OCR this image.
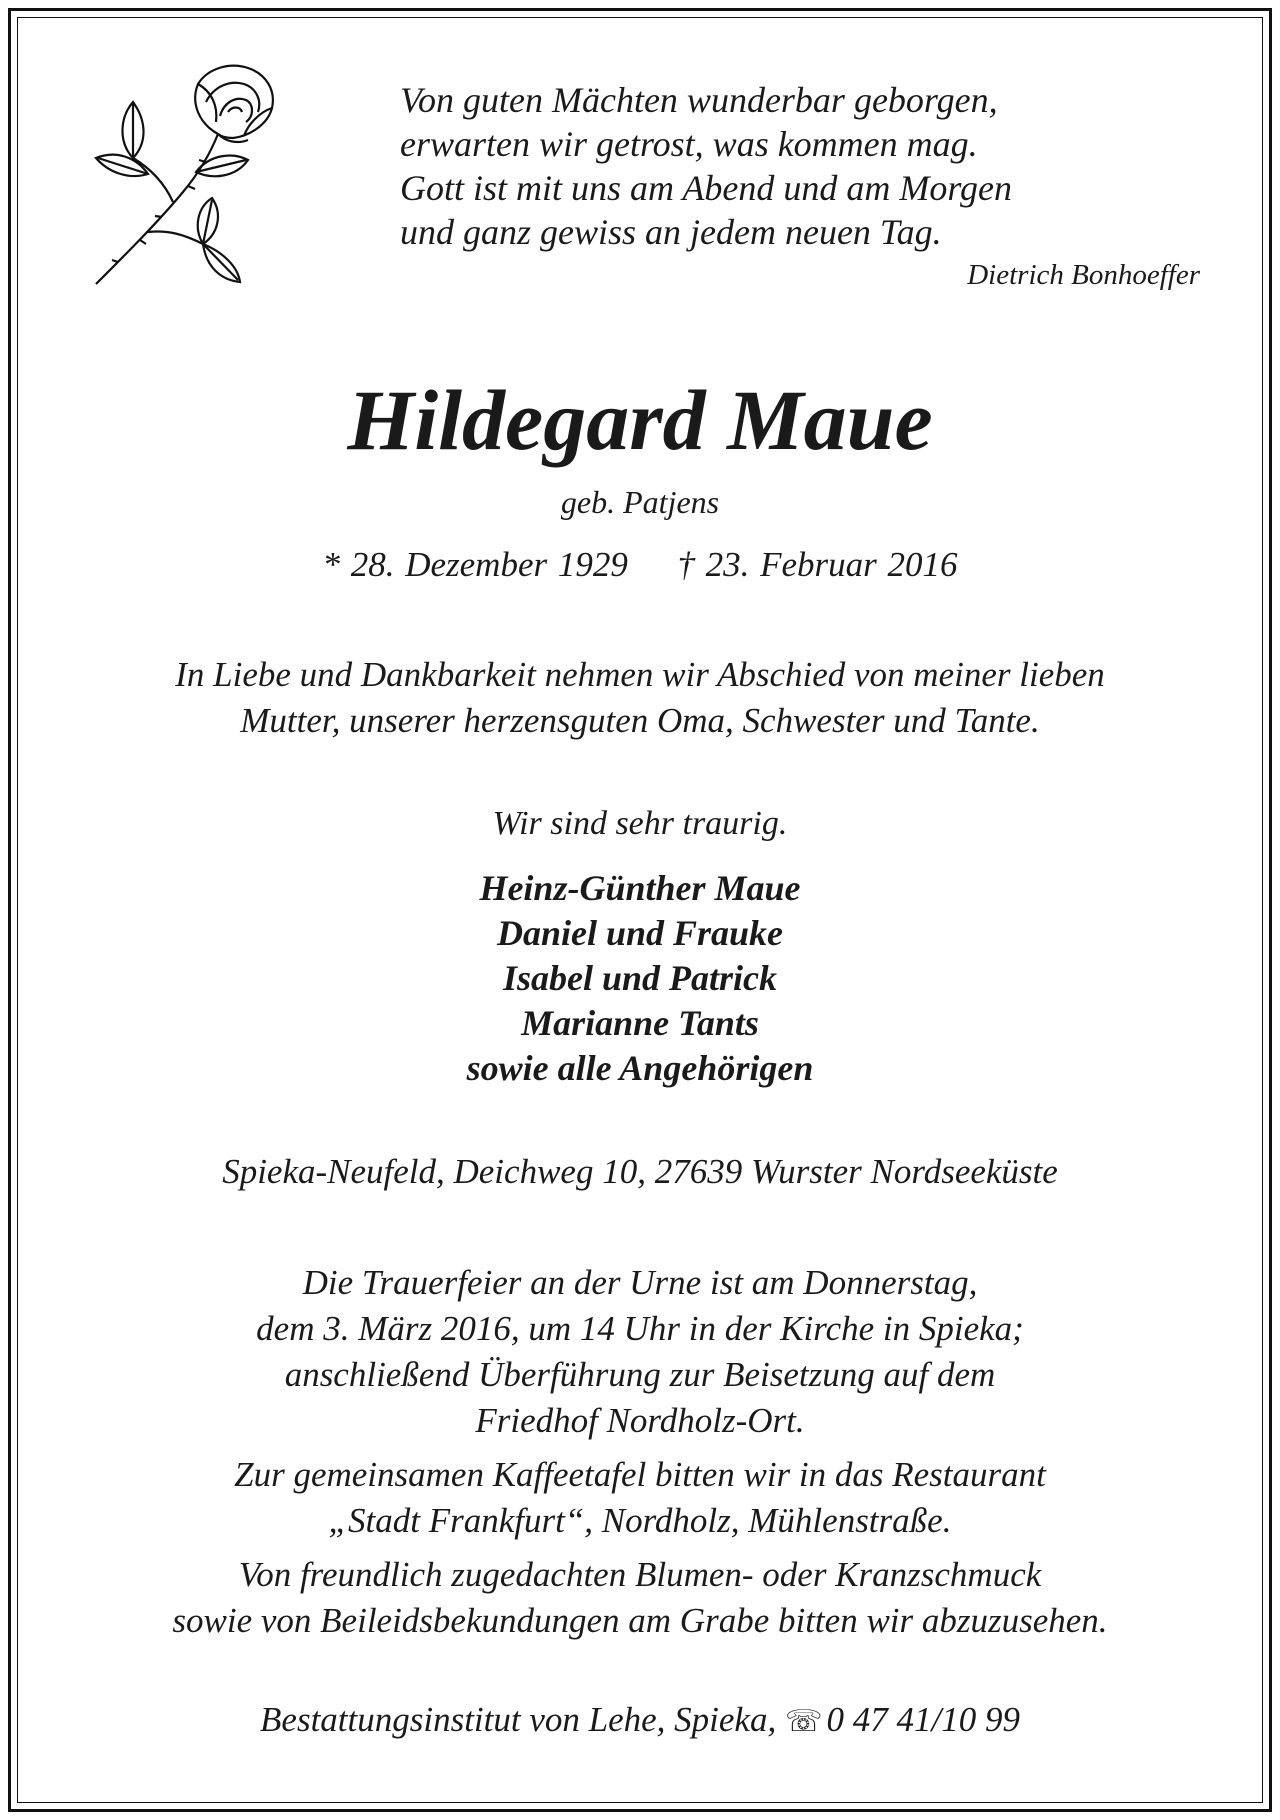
Von guten Mächten wunderbar geborgen,
erwarten wir getrost, was kommen mag.
Gott ist mit uns am Abend und am Morgen
und ganz gewiss an jedem neuen Tag.
Dietrich Bonhoeffer
Hildegard Maue
geb. Patjens
* 28. Dezember 1929 † 23. Februar 2016

In Liebe und Dankbarkeit nehmen wir Abschied von meiner lieben

Mutter, unserer herzensguten Oma, Schwester und Tante.

Wir sind sehr traurig.

Heinz-Günther Maue

Daniel und Frauke

Isabel und Patrick

Marianne Tants

sowie alle Angehörigen

Spieka-Neufeld, Deichweg 10, 27639 Wurster Nordseeküste

Die Trauerfeier an der Urne ist am Donnerstag,

dem 3. März 2016, um 14 Uhr in der Kirche in Spieka;

anschließend Überführung zur Beisetzung auf dem

Friedhof Nordholz-Ort.

Zur gemeinsamen Kaffeetafel bitten wir in das Restaurant

„Stadt Frankfurt“, Nordholz, Mühlenstraße.

Von freundlich zugedachten Blumen- oder Kranzschmuck

sowie von Beileidsbekundungen am Grabe bitten wir abzuzusehen.

Bestattungsinstitut von Lehe, Spieka, ☏ 0 47 41/10 99
